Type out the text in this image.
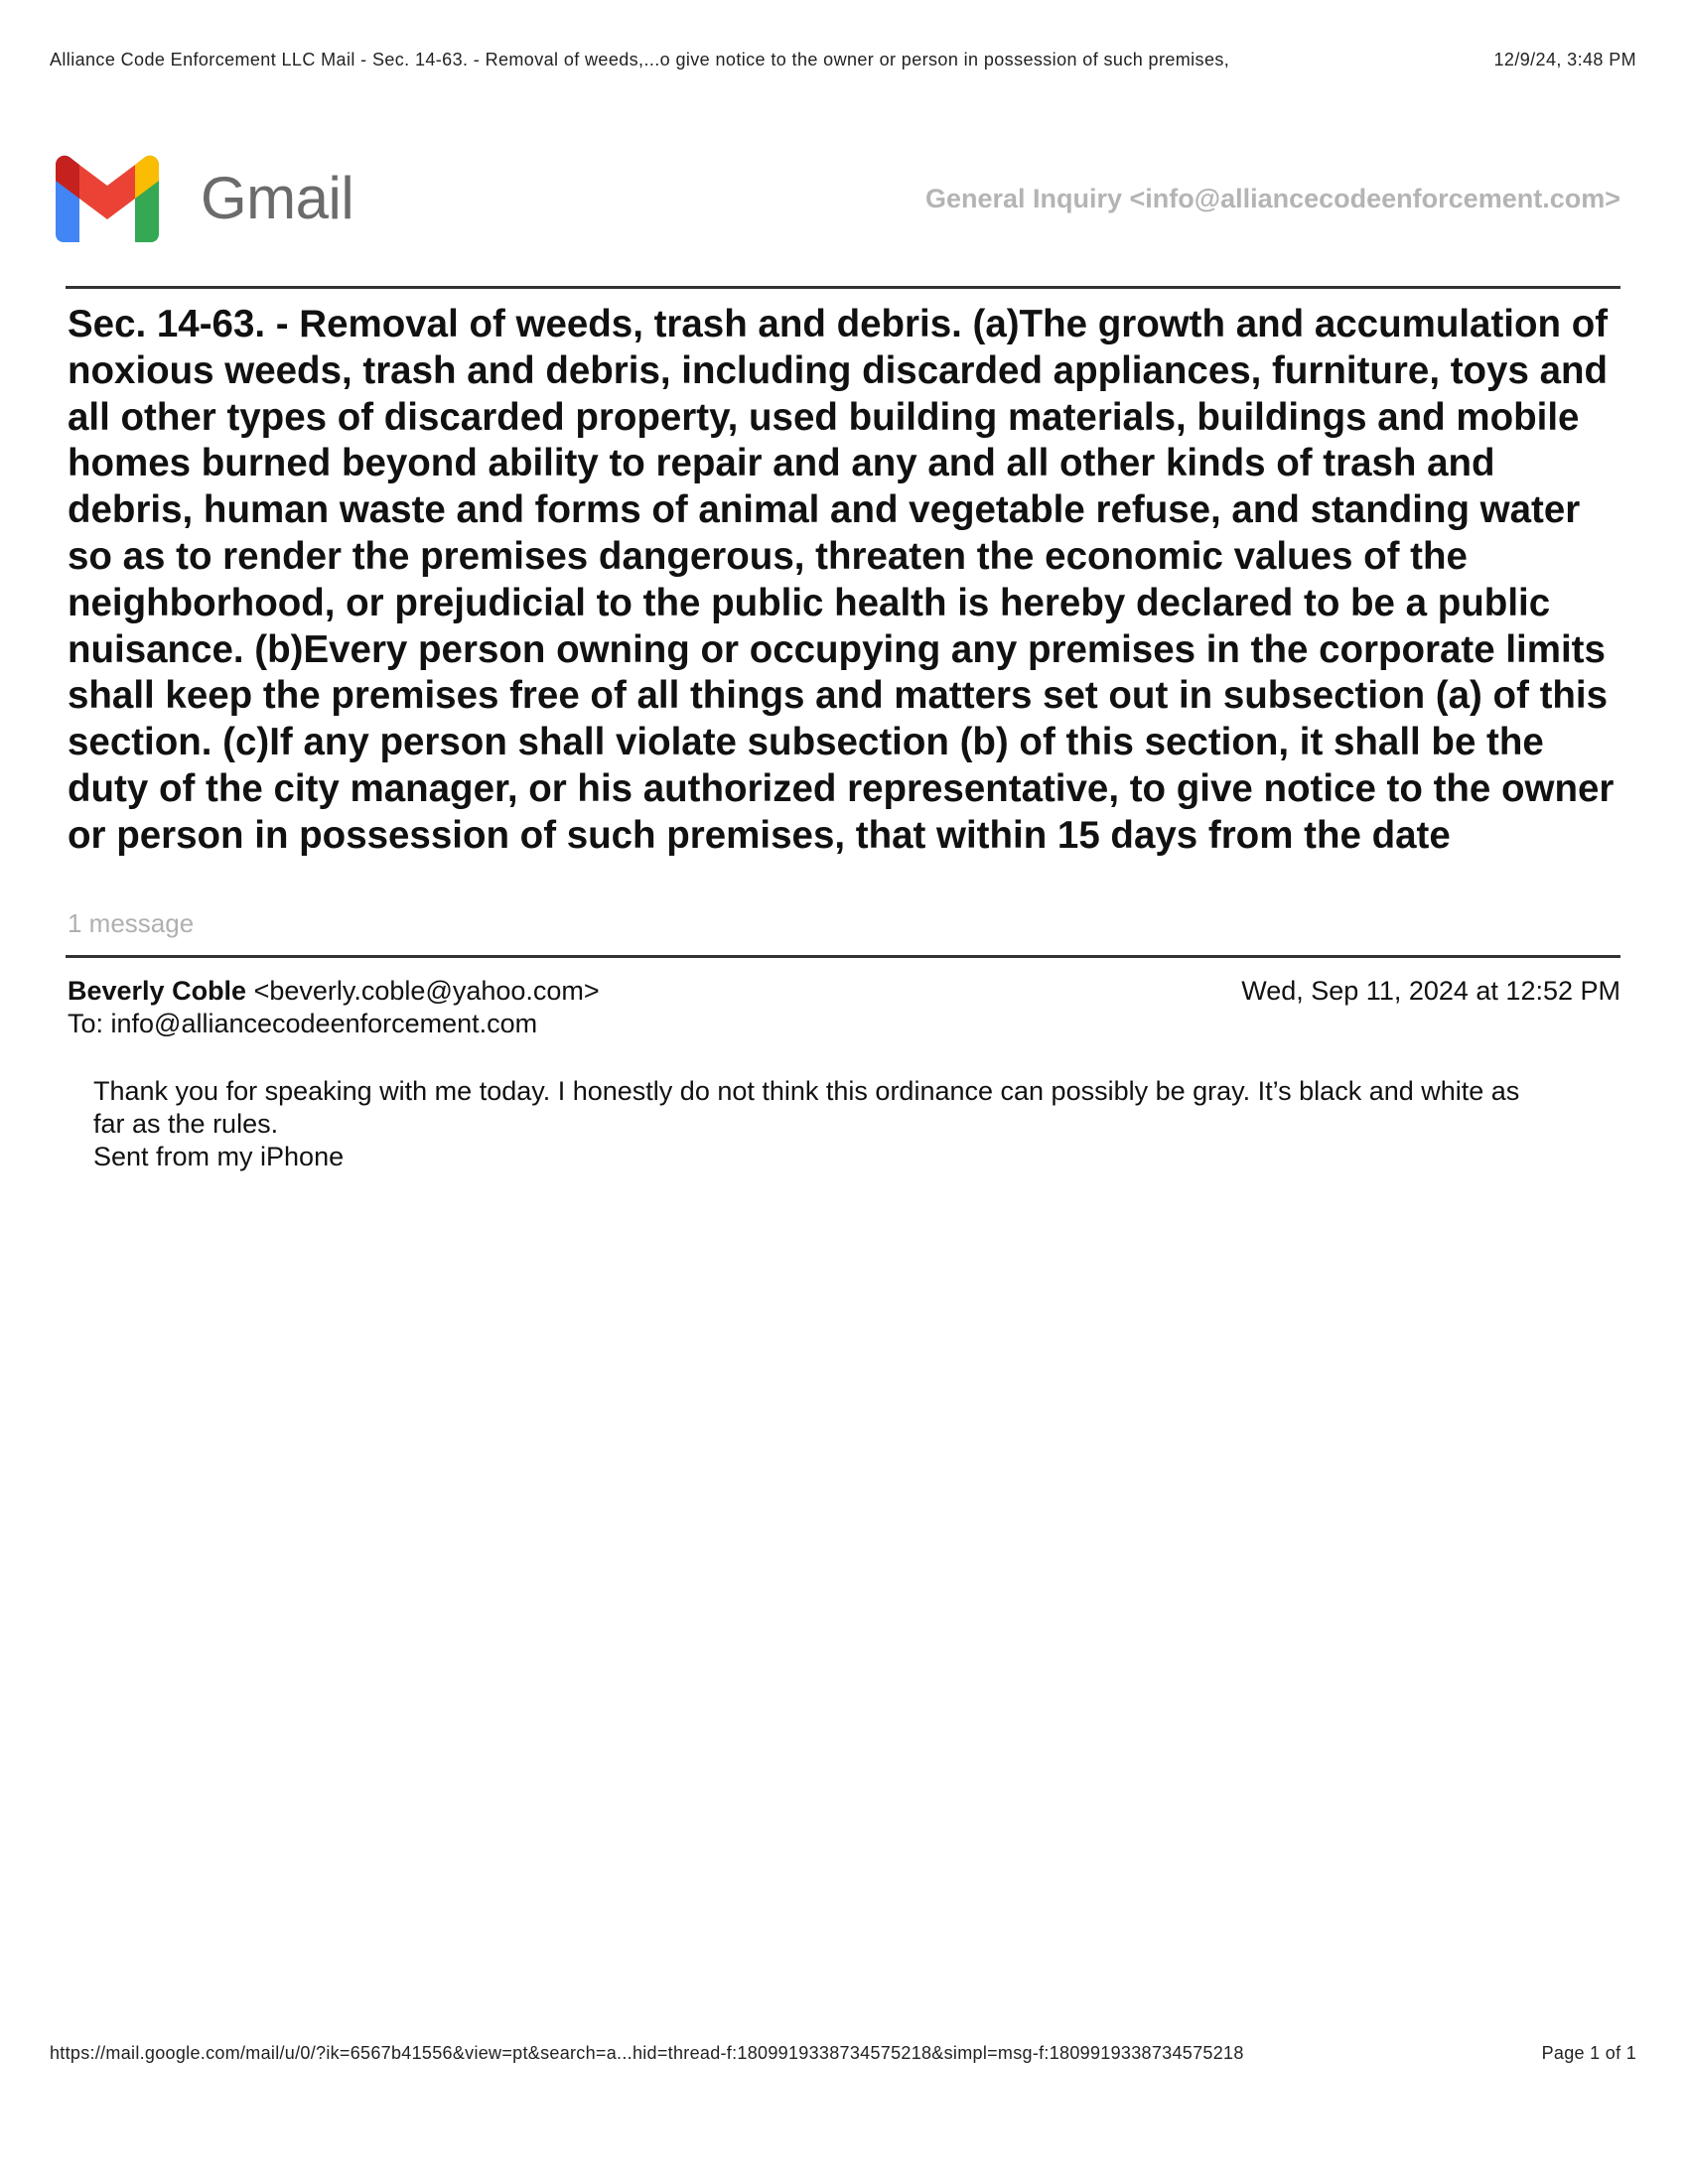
Alliance Code Enforcement LLC Mail - Sec. 14-63. - Removal of weeds,...o give notice to the owner or person in possession of such premises,	12/9/24, 3:48 PM
Gmail	General Inquiry <info@alliancecodeenforcement.com>
Sec. 14-63. - Removal of weeds, trash and debris. (a)The growth and accumulation of noxious weeds, trash and debris, including discarded appliances, furniture, toys and all other types of discarded property, used building materials, buildings and mobile homes burned beyond ability to repair and any and all other kinds of trash and debris, human waste and forms of animal and vegetable refuse, and standing water so as to render the premises dangerous, threaten the economic values of the neighborhood, or prejudicial to the public health is hereby declared to be a public nuisance. (b)Every person owning or occupying any premises in the corporate limits shall keep the premises free of all things and matters set out in subsection (a) of this section. (c)If any person shall violate subsection (b) of this section, it shall be the duty of the city manager, or his authorized representative, to give notice to the owner or person in possession of such premises, that within 15 days from the date
1 message
Beverly Coble <beverly.coble@yahoo.com>	Wed, Sep 11, 2024 at 12:52 PM
To: info@alliancecodeenforcement.com

Thank you for speaking with me today. I honestly do not think this ordinance can possibly be gray. It’s black and white as far as the rules.

Sent from my iPhone

https://mail.google.com/mail/u/0/?ik=6567b41556&view=pt&search=a...hid=thread-f:1809919338734575218&simpl=msg-f:1809919338734575218	Page 1 of 1
